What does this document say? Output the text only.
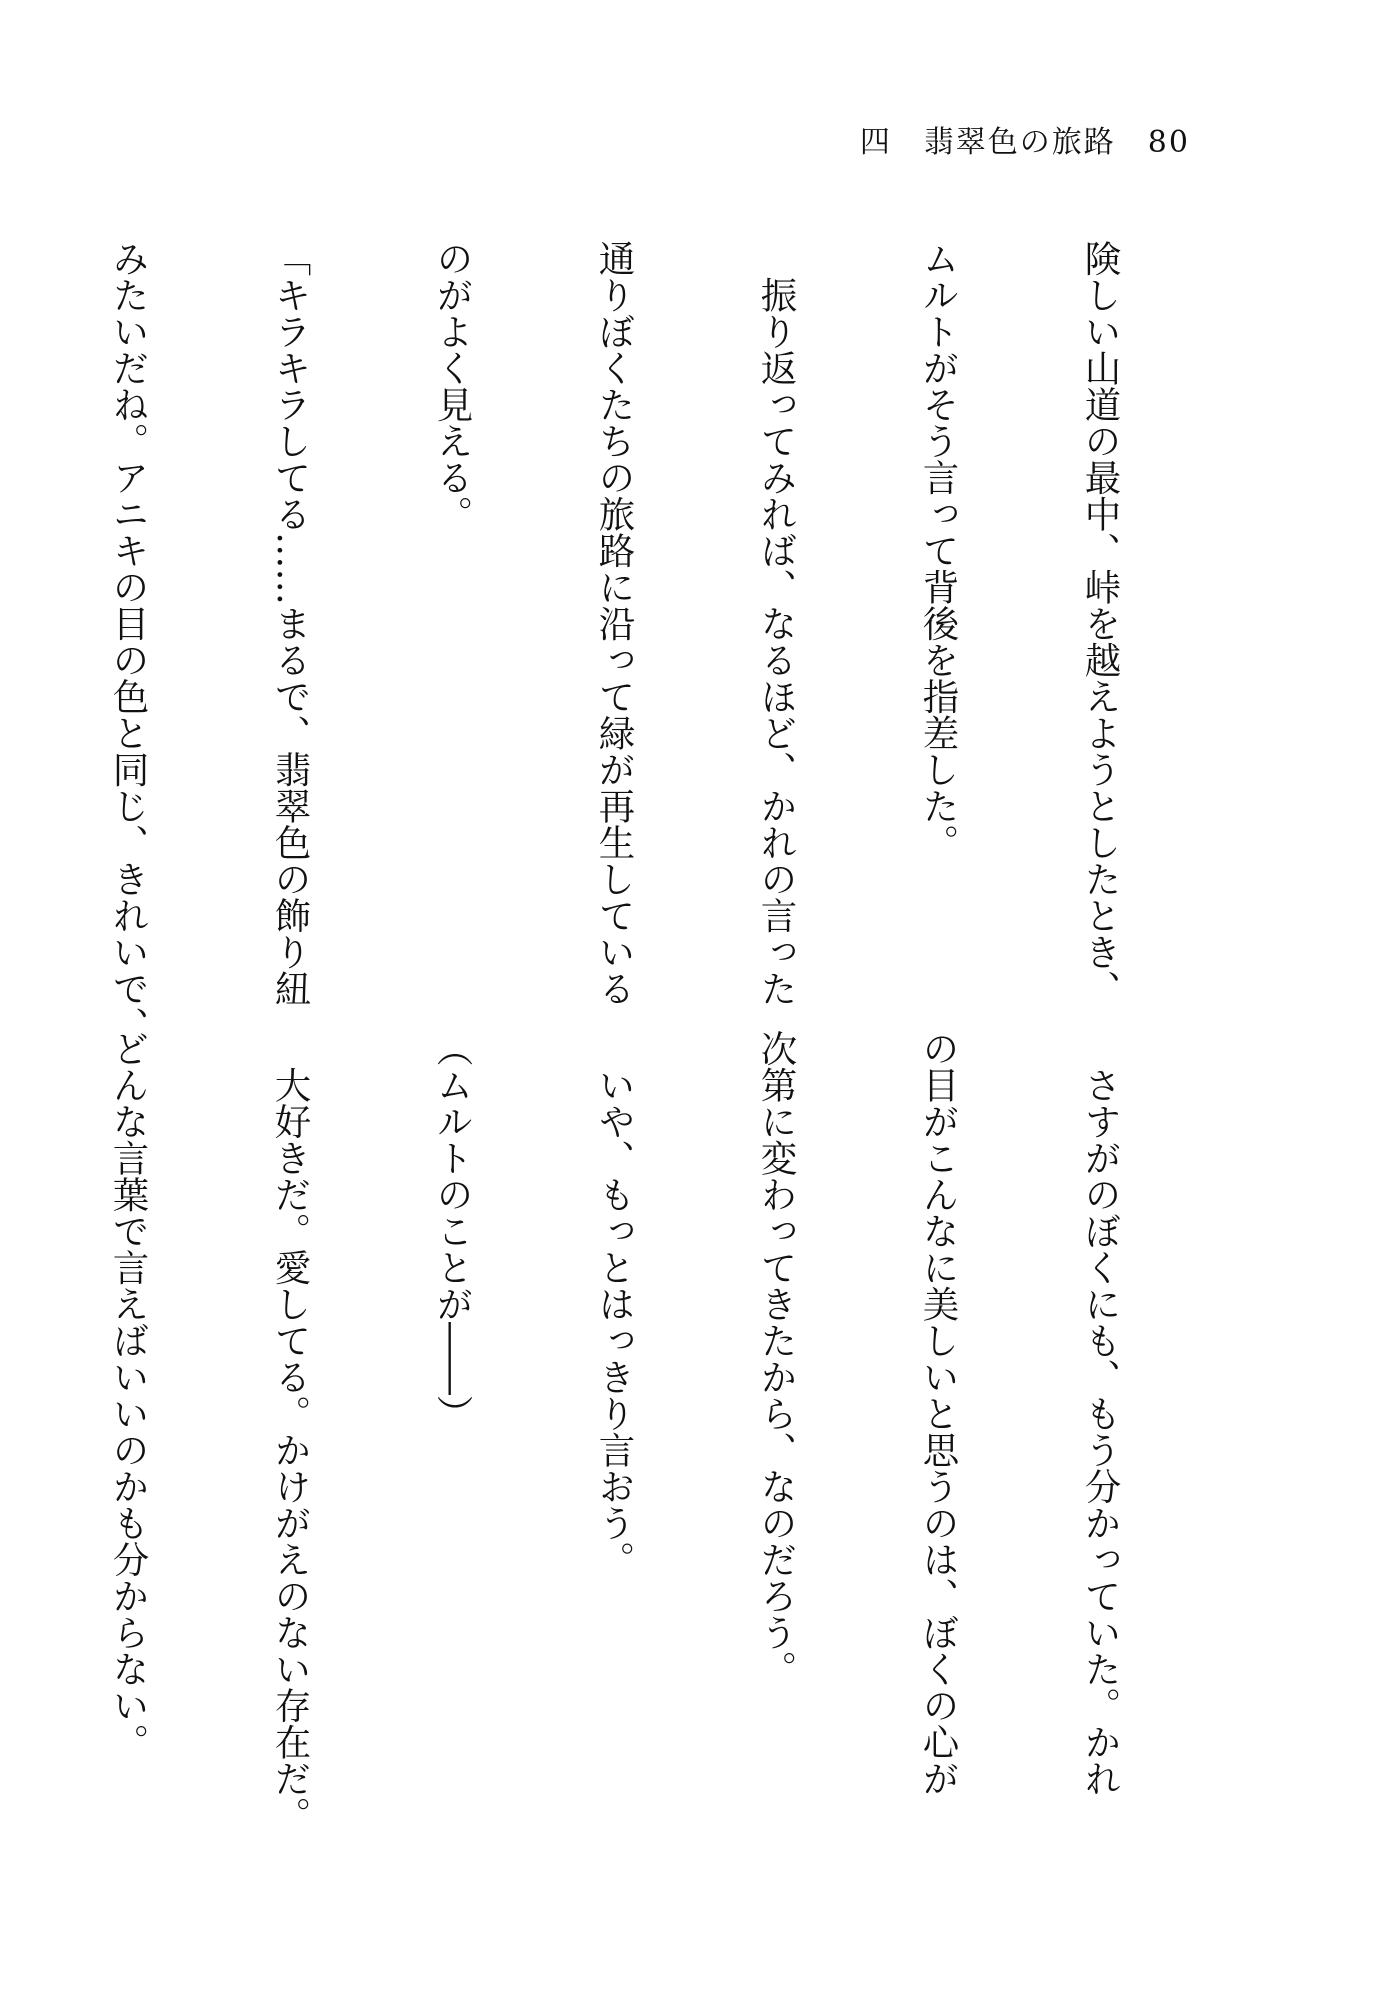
四　翡翠色の旅路　80

険しい山道の最中、峠を越えようとしたとき、

ムルトがそう言って背後を指差した。

　振り返ってみれば、なるほど、かれの言った

通りぼくたちの旅路に沿って緑が再生している

のがよく見える。

「キラキラしてる……まるで、翡翠色の飾り紐

みたいだね。アニキの目の色と同じ、きれいで、

　さすがのぼくにも、もう分かっていた。かれ

の目がこんなに美しいと思うのは、ぼくの心が

次第に変わってきたから、なのだろう。

　いや、もっとはっきり言おう。

（ムルトのことが――）

　大好きだ。愛してる。かけがえのない存在だ。

どんな言葉で言えばいいのかも分からない。
